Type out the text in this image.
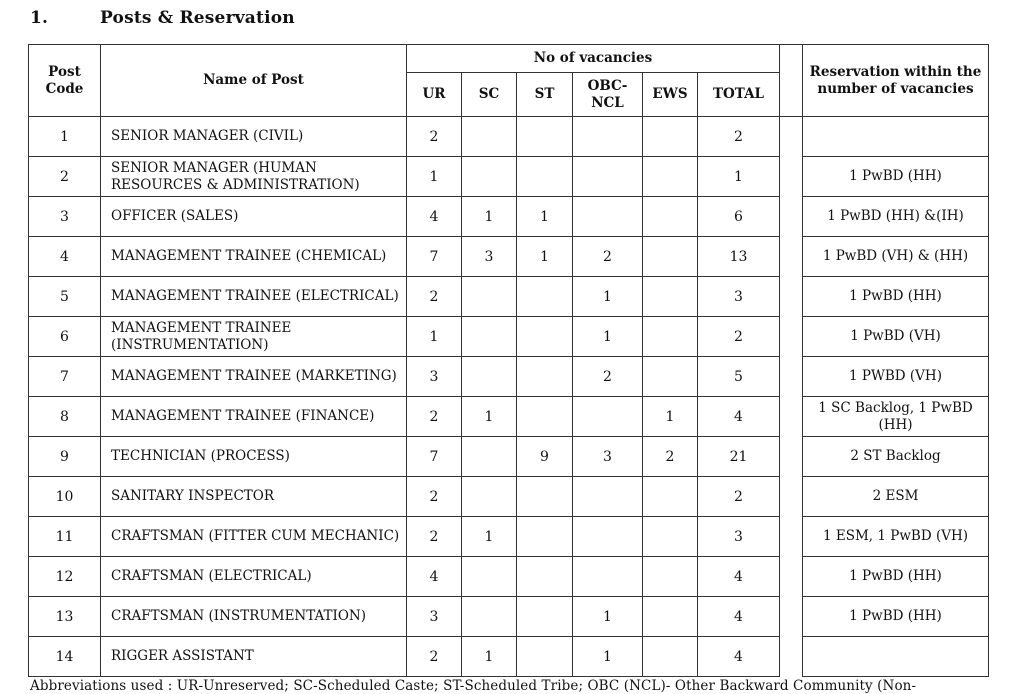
1.	Posts & Reservation
Post Code	Name of Post	No of vacancies							Reservation within the number of vacancies
		UR	SC	ST	OBC-NCL	EWS	TOTAL		
1	SENIOR MANAGER (CIVIL)	2					2		
2	SENIOR MANAGER (HUMAN RESOURCES & ADMINISTRATION)	1					1		1 PwBD (HH)
3	OFFICER (SALES)	4	1	1			6		1 PwBD (HH) &(IH)
4	MANAGEMENT TRAINEE (CHEMICAL)	7	3	1	2		13		1 PwBD (VH) & (HH)
5	MANAGEMENT TRAINEE (ELECTRICAL)	2			1		3		1 PwBD (HH)
6	MANAGEMENT TRAINEE (INSTRUMENTATION)	1			1		2		1 PwBD (VH)
7	MANAGEMENT TRAINEE (MARKETING)	3			2		5		1 PWBD (VH)
8	MANAGEMENT TRAINEE (FINANCE)	2	1			1	4		1 SC Backlog, 1 PwBD (HH)
9	TECHNICIAN (PROCESS)	7		9	3	2	21		2 ST Backlog
10	SANITARY INSPECTOR	2					2		2 ESM
11	CRAFTSMAN (FITTER CUM MECHANIC)	2	1				3		1 ESM, 1 PwBD (VH)
12	CRAFTSMAN (ELECTRICAL)	4					4		1 PwBD (HH)
13	CRAFTSMAN (INSTRUMENTATION)	3			1		4		1 PwBD (HH)
14	RIGGER ASSISTANT	2	1		1		4		
Abbreviations used : UR-Unreserved; SC-Scheduled Caste; ST-Scheduled Tribe; OBC (NCL)- Other Backward Community (Non-
